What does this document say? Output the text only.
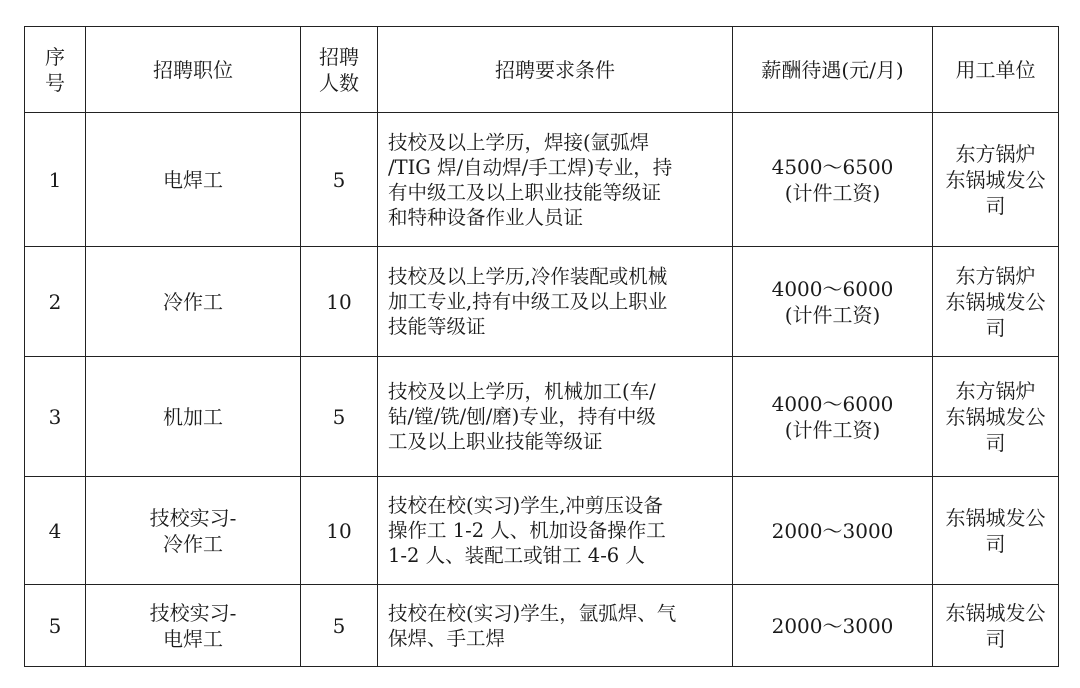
序
号	招聘职位	招聘
人数	招聘要求条件	薪酬待遇(元/月)	用工单位
1	电焊工	5	技校及以上学历，焊接(氩弧焊
/TIG 焊/自动焊/手工焊)专业，持
有中级工及以上职业技能等级证
和特种设备作业人员证	4500～6500
(计件工资)	东方锅炉
东锅城发公司
2	冷作工	10	技校及以上学历,冷作装配或机械
加工专业,持有中级工及以上职业
技能等级证	4000～6000
(计件工资)	东方锅炉
东锅城发公司
3	机加工	5	技校及以上学历，机械加工(车/
钻/镗/铣/刨/磨)专业，持有中级
工及以上职业技能等级证	4000～6000
(计件工资)	东方锅炉
东锅城发公司
4	技校实习-
冷作工	10	技校在校(实习)学生,冲剪压设备
操作工 1-2 人、机加设备操作工
1-2 人、装配工或钳工 4-6 人	2000～3000	东锅城发公司
5	技校实习-
电焊工	5	技校在校(实习)学生，氩弧焊、气
保焊、手工焊	2000～3000	东锅城发公司
